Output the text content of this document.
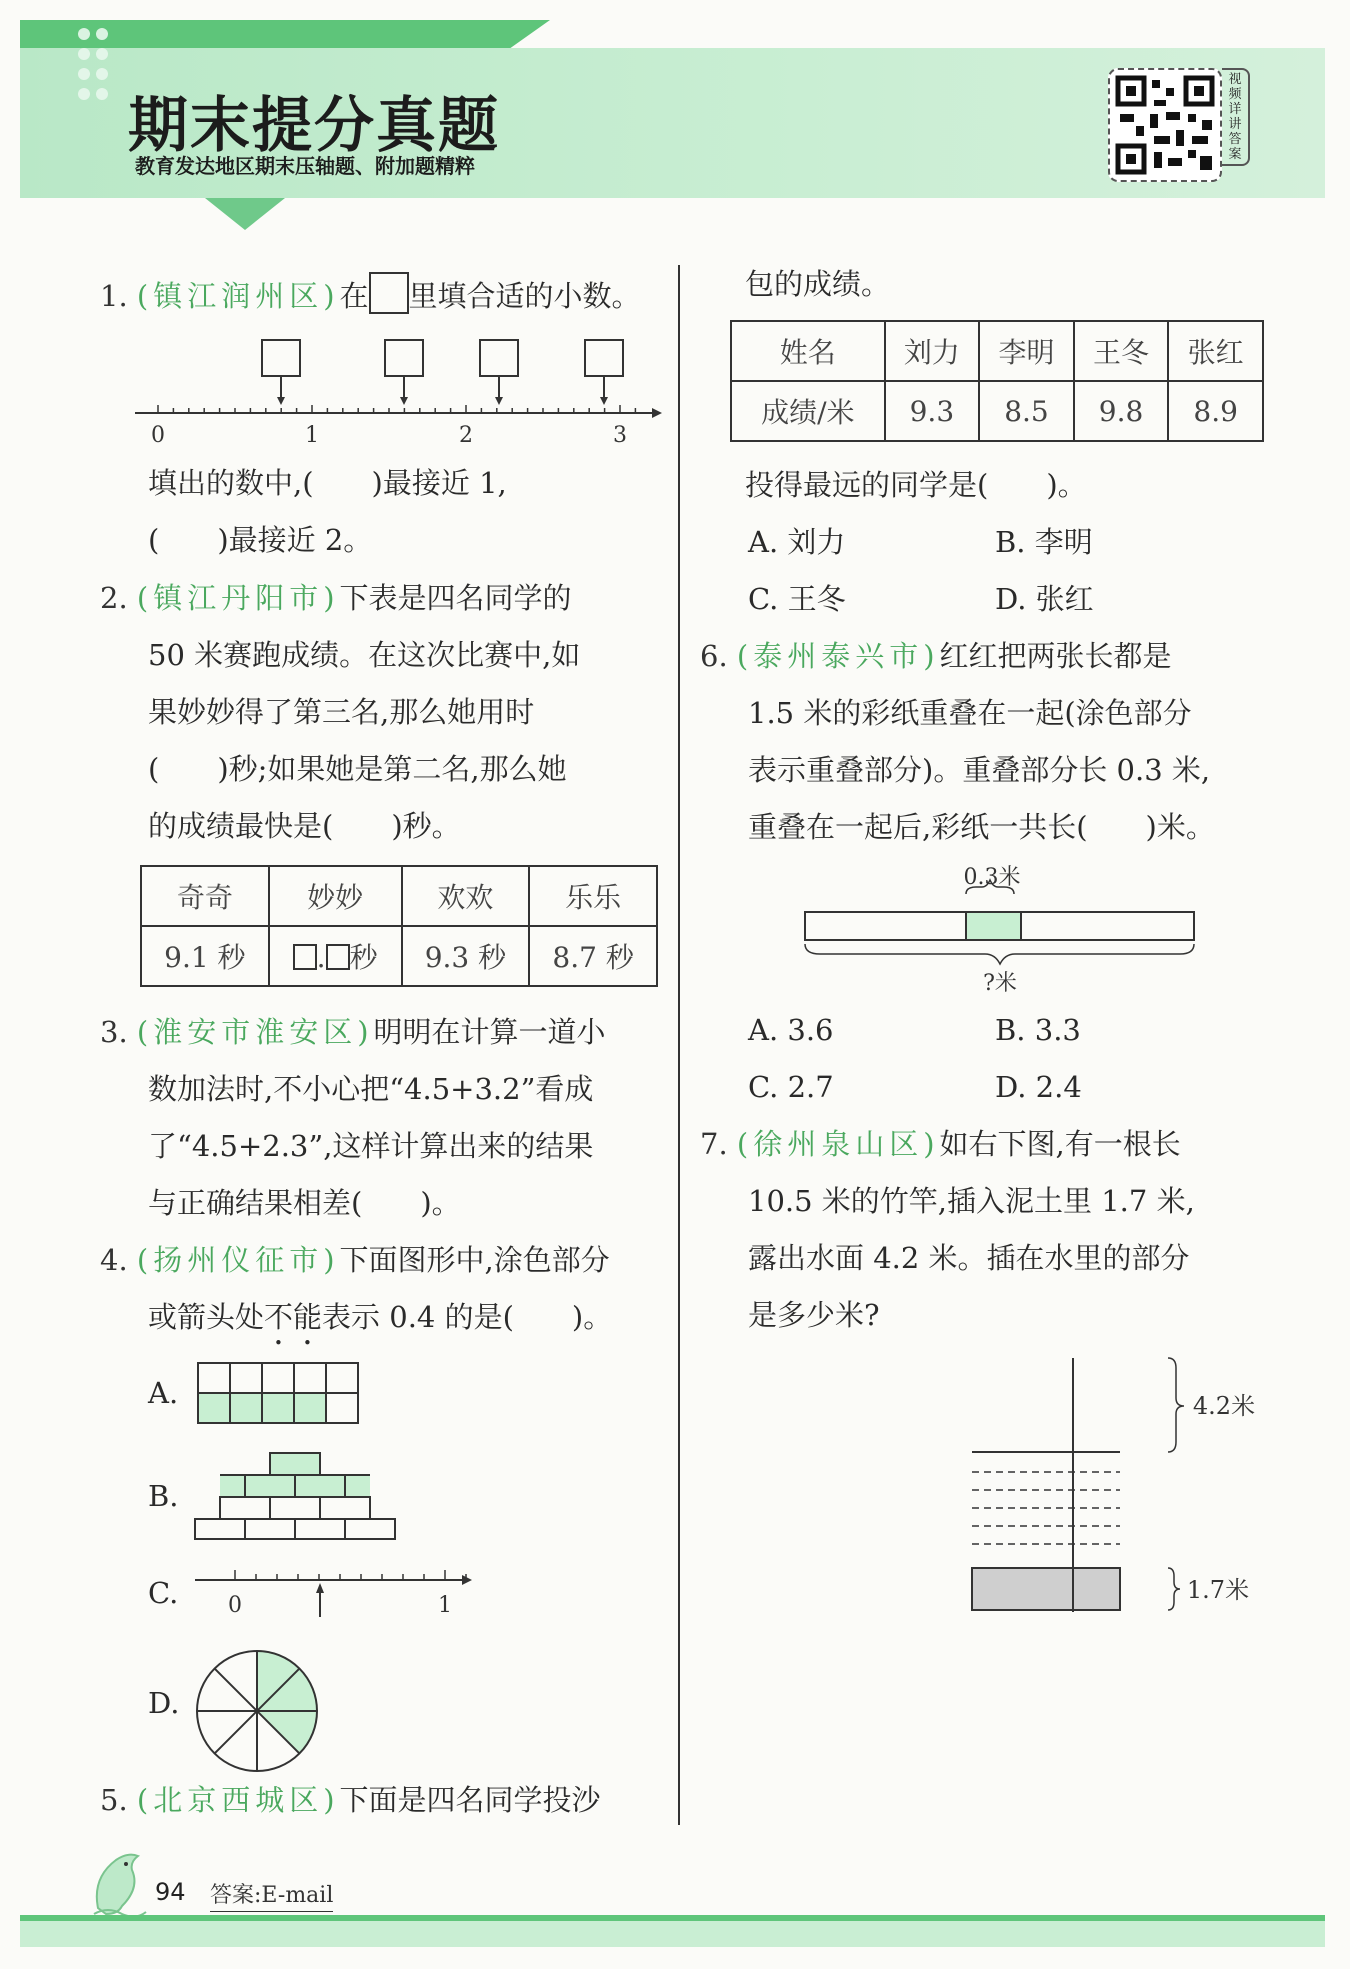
期末提分真题
教育发达地区期末压轴题、附加题精粹
视频详讲答案
1. (镇江润州区)在 里填合适的小数。
0	1	2	3
填出的数中,( )最接近 1,
( )最接近 2。
2. (镇江丹阳市)下表是四名同学的
50 米赛跑成绩。在这次比赛中,如
果妙妙得了第三名,那么她用时
( )秒;如果她是第二名,那么她
的成绩最快是( )秒。
奇奇	妙妙	欢欢	乐乐
9.1 秒	. 秒	9.3 秒	8.7 秒
3. (淮安市淮安区)明明在计算一道小
数加法时,不小心把“4.5+3.2”看成
了“4.5+2.3”,这样计算出来的结果
与正确结果相差( )。
4. (扬州仪征市)下面图形中,涂色部分
或箭头处不能表示 0.4 的是( )。
A.
B.
C. 0	1
D.
5. (北京西城区)下面是四名同学投沙
包的成绩。
姓名	刘力	李明	王冬	张红
成绩/米	9.3	8.5	9.8	8.9
投得最远的同学是( )。
A. 刘力	B. 李明
C. 王冬	D. 张红
6. (泰州泰兴市)红红把两张长都是
1.5 米的彩纸重叠在一起(涂色部分
表示重叠部分)。重叠部分长 0.3 米,
重叠在一起后,彩纸一共长( )米。
0.3米
?米
A. 3.6	B. 3.3
C. 2.7	D. 2.4
7. (徐州泉山区)如右下图,有一根长
10.5 米的竹竿,插入泥土里 1.7 米,
露出水面 4.2 米。插在水里的部分
是多少米?
4.2米
1.7米
94 答案:E-mail
